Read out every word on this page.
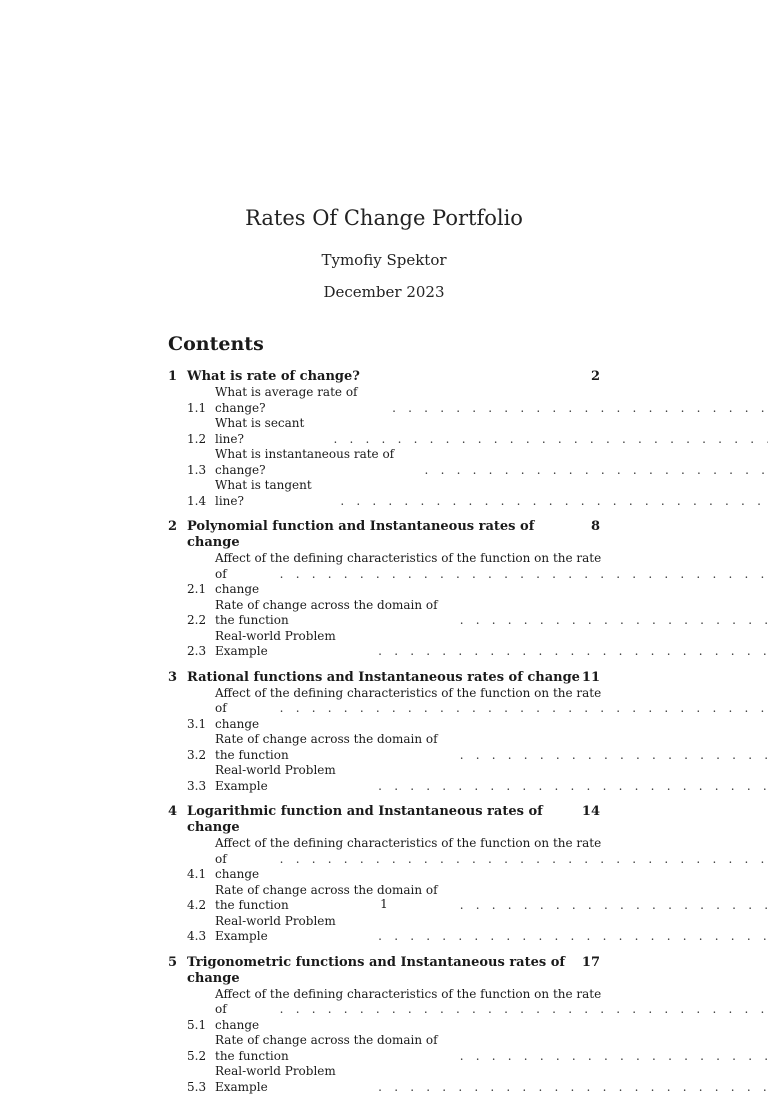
Rates Of Change Portfolio
Tymofiy Spektor
December 2023
Contents
1 What is rate of change?	2
1.1
What is average rate of change?
. . .
1.2
What is secant line?
. . .
1.3
What is instantaneous rate of change?
. . .
1.4
What is tangent line?
. . .
2 Polynomial function and Instantaneous rates of change
8
2.1
Affect of the defining characteristics of the function on the rate
of change
. . .
2.2
Rate of change across the domain of the function
. . .
2.3
Real-world Problem Example
. . .
3 Rational functions and Instantaneous rates of change 11
3.1
Affect of the defining characteristics of the function on the rate
of change
. . .
3.2
Rate of change across the domain of the function
. . .
3.3
Real-world Problem Example
. . .
4 Logarithmic function and Instantaneous rates of change
14
4.1
Affect of the defining characteristics of the function on the rate
of change
. . .
4.2
Rate of change across the domain of the function
. . .
4.3
Real-world Problem Example
. . .
5 Trigonometric functions and Instantaneous rates of change
17
5.1
Affect of the defining characteristics of the function on the rate
of change
. . .
5.2
Rate of change across the domain of the function
. . .
5.3
Real-world Problem Example
. . .
1
